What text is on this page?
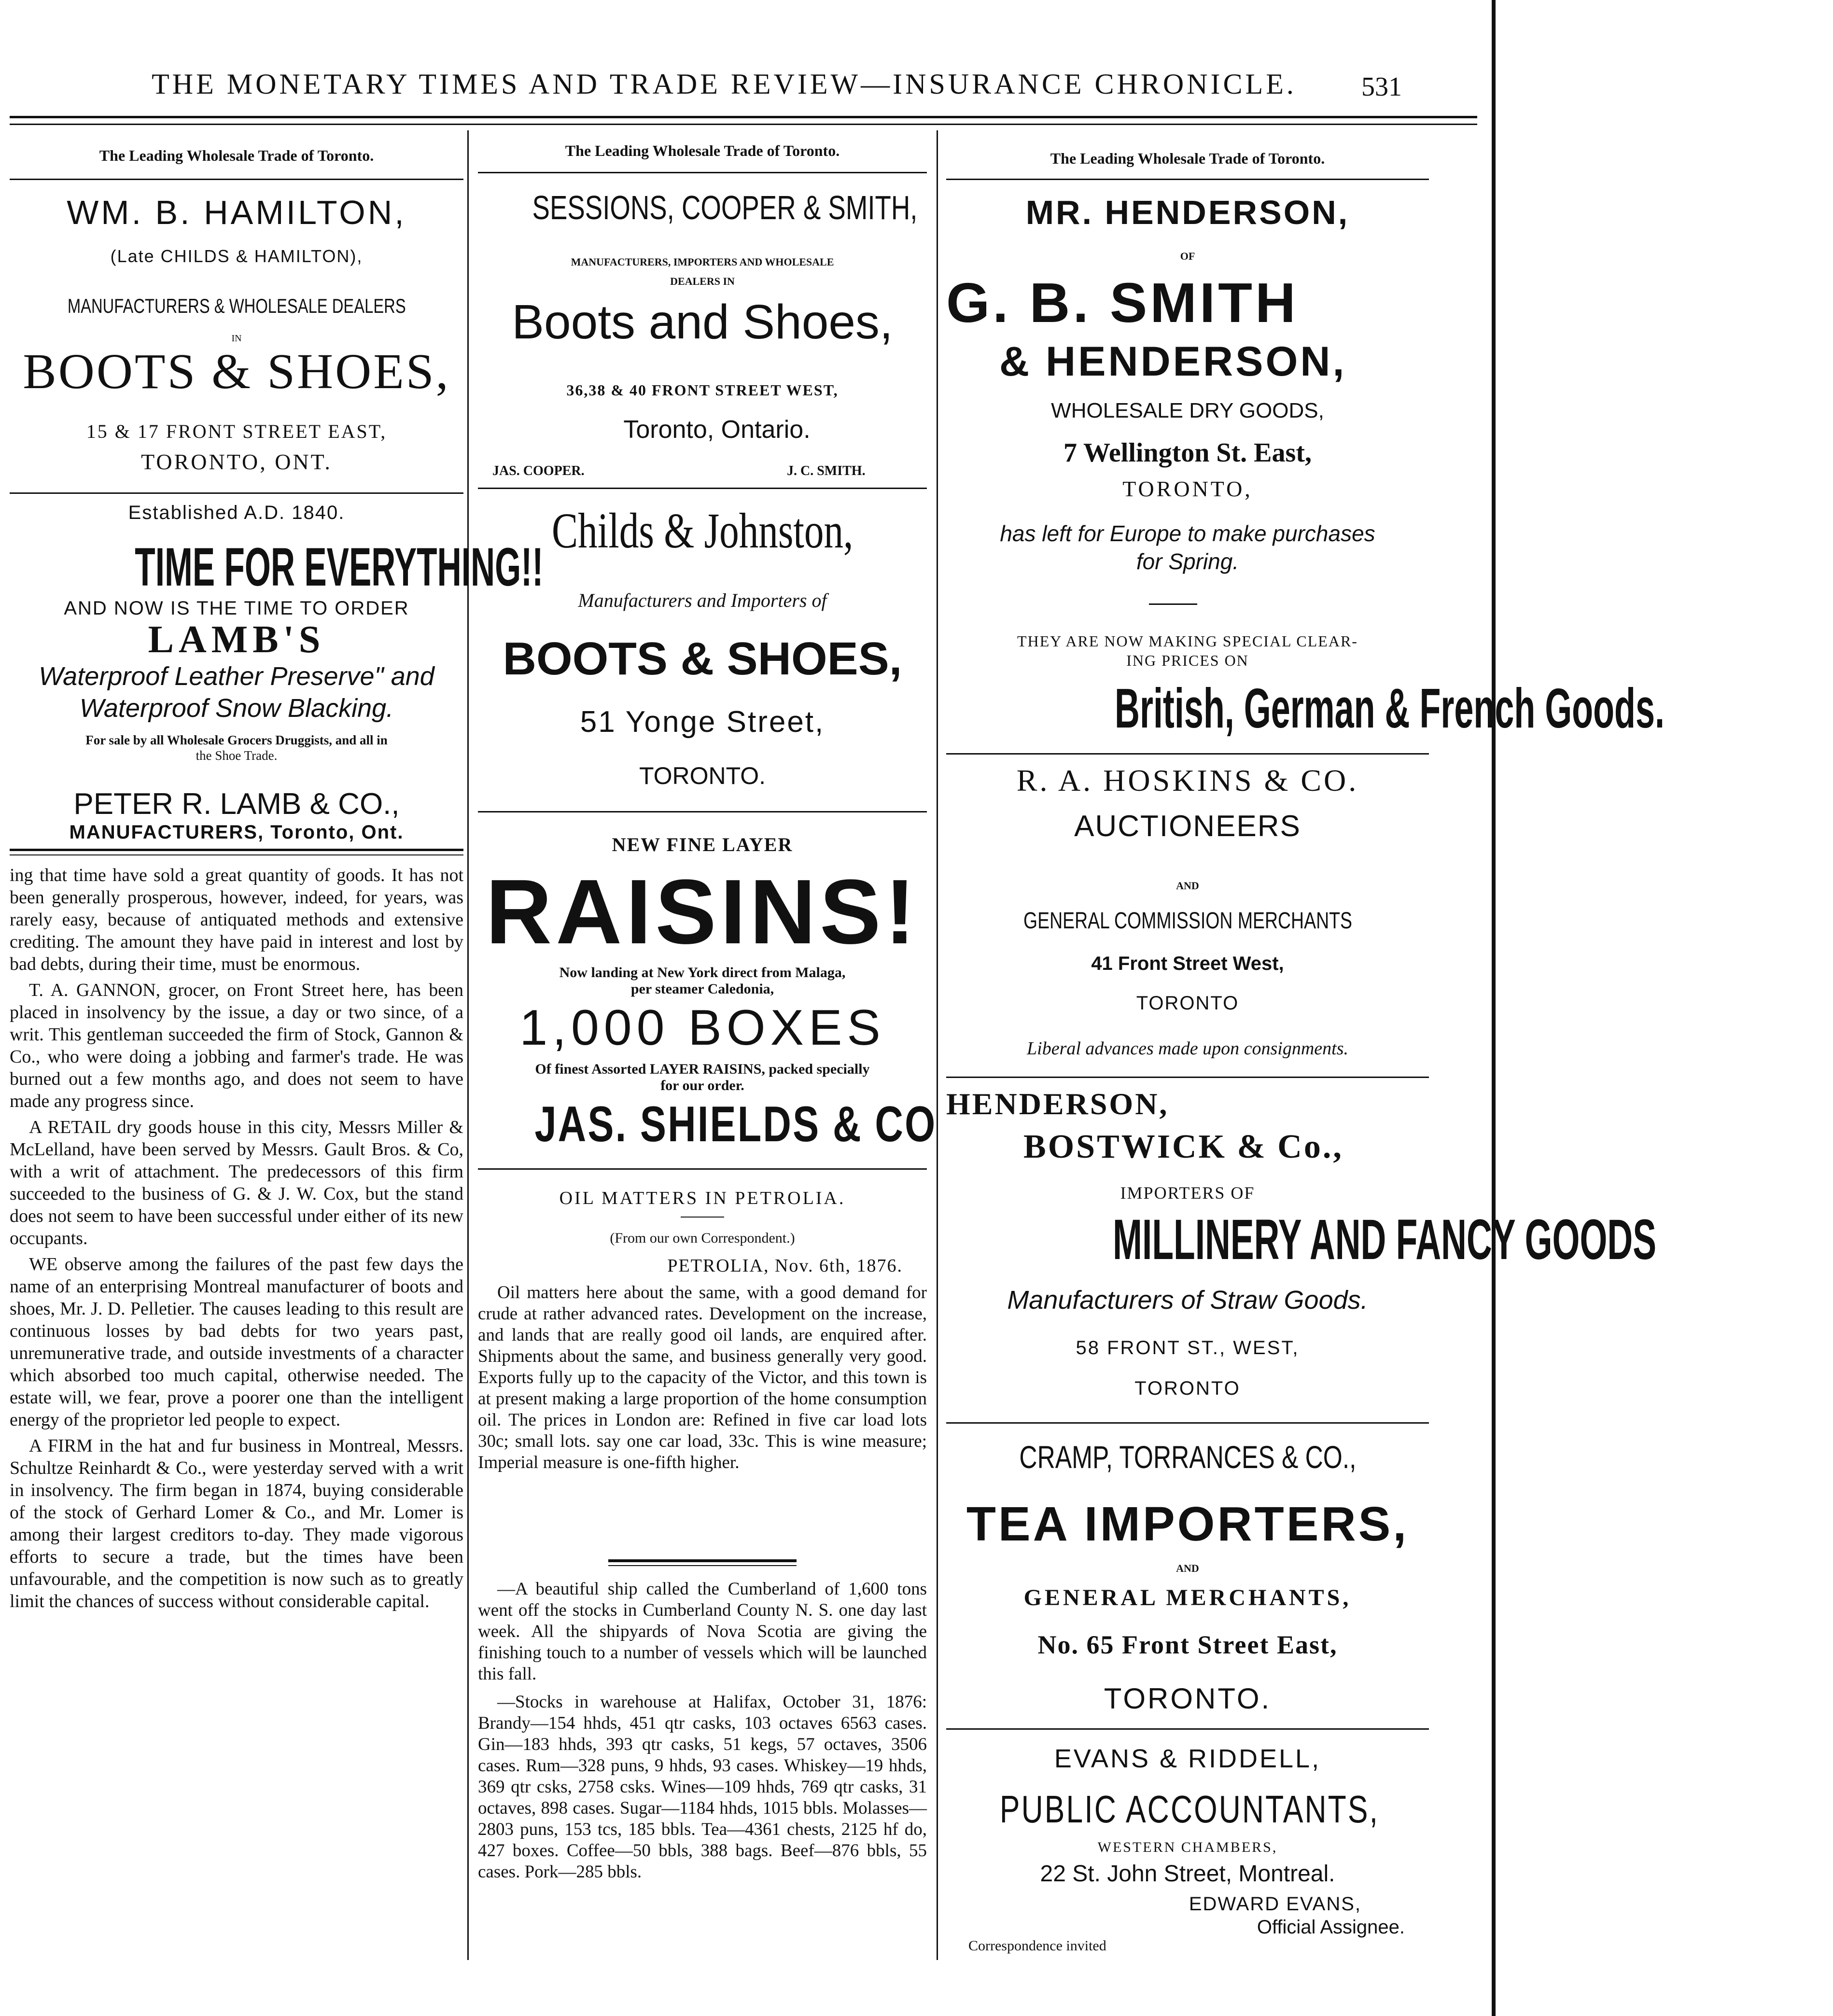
THE MONETARY TIMES AND TRADE REVIEW—INSURANCE CHRONICLE. 531
The Leading Wholesale Trade of Toronto.
WM. B. HAMILTON,
(Late CHILDS & HAMILTON),
MANUFACTURERS & WHOLESALE DEALERS
IN
BOOTS & SHOES,
15 & 17 FRONT STREET EAST,
TORONTO, ONT.
Established A.D. 1840.
TIME FOR EVERYTHING!!
AND NOW IS THE TIME TO ORDER
LAMB'S
Waterproof Leather Preserve" and
Waterproof Snow Blacking.
For sale by all Wholesale Grocers Druggists, and all in
the Shoe Trade.
PETER R. LAMB & CO.,
MANUFACTURERS, Toronto, Ont.

ing that time have sold a great quantity of goods. It has not been generally prosperous, however, indeed, for years, was rarely easy, because of antiquated methods and extensive crediting. The amount they have paid in interest and lost by bad debts, during their time, must be enormous.

T. A. GANNON, grocer, on Front Street here, has been placed in insolvency by the issue, a day or two since, of a writ. This gentleman succeeded the firm of Stock, Gannon & Co., who were doing a jobbing and farmer's trade. He was burned out a few months ago, and does not seem to have made any progress since.

A RETAIL dry goods house in this city, Messrs Miller & McLelland, have been served by Messrs. Gault Bros. & Co, with a writ of attachment. The predecessors of this firm succeeded to the business of G. & J. W. Cox, but the stand does not seem to have been successful under either of its new occupants.

WE observe among the failures of the past few days the name of an enterprising Montreal manufacturer of boots and shoes, Mr. J. D. Pelletier. The causes leading to this result are continuous losses by bad debts for two years past, unremunerative trade, and outside investments of a character which absorbed too much capital, otherwise needed. The estate will, we fear, prove a poorer one than the intelligent energy of the proprietor led people to expect.

A FIRM in the hat and fur business in Montreal, Messrs. Schultze Reinhardt & Co., were yesterday served with a writ in insolvency. The firm began in 1874, buying considerable of the stock of Gerhard Lomer & Co., and Mr. Lomer is among their largest creditors to-day. They made vigorous efforts to secure a trade, but the times have been unfavourable, and the competition is now such as to greatly limit the chances of success without considerable capital.

The Leading Wholesale Trade of Toronto.
SESSIONS, COOPER & SMITH,
MANUFACTURERS, IMPORTERS AND WHOLESALE
DEALERS IN
Boots and Shoes,
36,38 & 40 FRONT STREET WEST,
Toronto, Ontario.
JAS. COOPER.	J. C. SMITH.
Childs & Johnston,
Manufacturers and Importers of
BOOTS & SHOES,
51 Yonge Street,
TORONTO.
NEW FINE LAYER
RAISINS!
Now landing at New York direct from Malaga,
per steamer Caledonia,
1,000 BOXES
Of finest Assorted LAYER RAISINS, packed specially
for our order.
JAS. SHIELDS & CO
OIL MATTERS IN PETROLIA.
(From our own Correspondent.)
PETROLIA, Nov. 6th, 1876.

Oil matters here about the same, with a good demand for crude at rather advanced rates. Development on the increase, and lands that are really good oil lands, are enquired after. Shipments about the same, and business generally very good. Exports fully up to the capacity of the Victor, and this town is at present making a large proportion of the home consumption oil. The prices in London are: Refined in five car load lots 30c; small lots. say one car load, 33c. This is wine measure; Imperial measure is one-fifth higher.

—A beautiful ship called the Cumberland of 1,600 tons went off the stocks in Cumberland County N. S. one day last week. All the shipyards of Nova Scotia are giving the finishing touch to a number of vessels which will be launched this fall.

—Stocks in warehouse at Halifax, October 31, 1876: Brandy—154 hhds, 451 qtr casks, 103 octaves 6563 cases. Gin—183 hhds, 393 qtr casks, 51 kegs, 57 octaves, 3506 cases. Rum—328 puns, 9 hhds, 93 cases. Whiskey—19 hhds, 369 qtr csks, 2758 csks. Wines—109 hhds, 769 qtr casks, 31 octaves, 898 cases. Sugar—1184 hhds, 1015 bbls. Molasses—2803 puns, 153 tcs, 185 bbls. Tea—4361 chests, 2125 hf do, 427 boxes. Coffee—50 bbls, 388 bags. Beef—876 bbls, 55 cases. Pork—285 bbls.

The Leading Wholesale Trade of Toronto.
MR. HENDERSON,
OF
G. B. SMITH
& HENDERSON,
WHOLESALE DRY GOODS,
7 Wellington St. East,
TORONTO,
has left for Europe to make purchases
for Spring.
THEY ARE NOW MAKING SPECIAL CLEAR-
ING PRICES ON
British, German & French Goods.
R. A. HOSKINS & CO.
AUCTIONEERS
AND
GENERAL COMMISSION MERCHANTS
41 Front Street West,
TORONTO
Liberal advances made upon consignments.
HENDERSON,
BOSTWICK & Co.,
IMPORTERS OF
MILLINERY AND FANCY GOODS
Manufacturers of Straw Goods.
58 FRONT ST., WEST,
TORONTO
CRAMP, TORRANCES & CO.,
TEA IMPORTERS,
AND
GENERAL MERCHANTS,
No. 65 Front Street East,
TORONTO.
EVANS & RIDDELL,
PUBLIC ACCOUNTANTS,
WESTERN CHAMBERS,
22 St. John Street, Montreal.
EDWARD EVANS,
Official Assignee.
Correspondence invited
